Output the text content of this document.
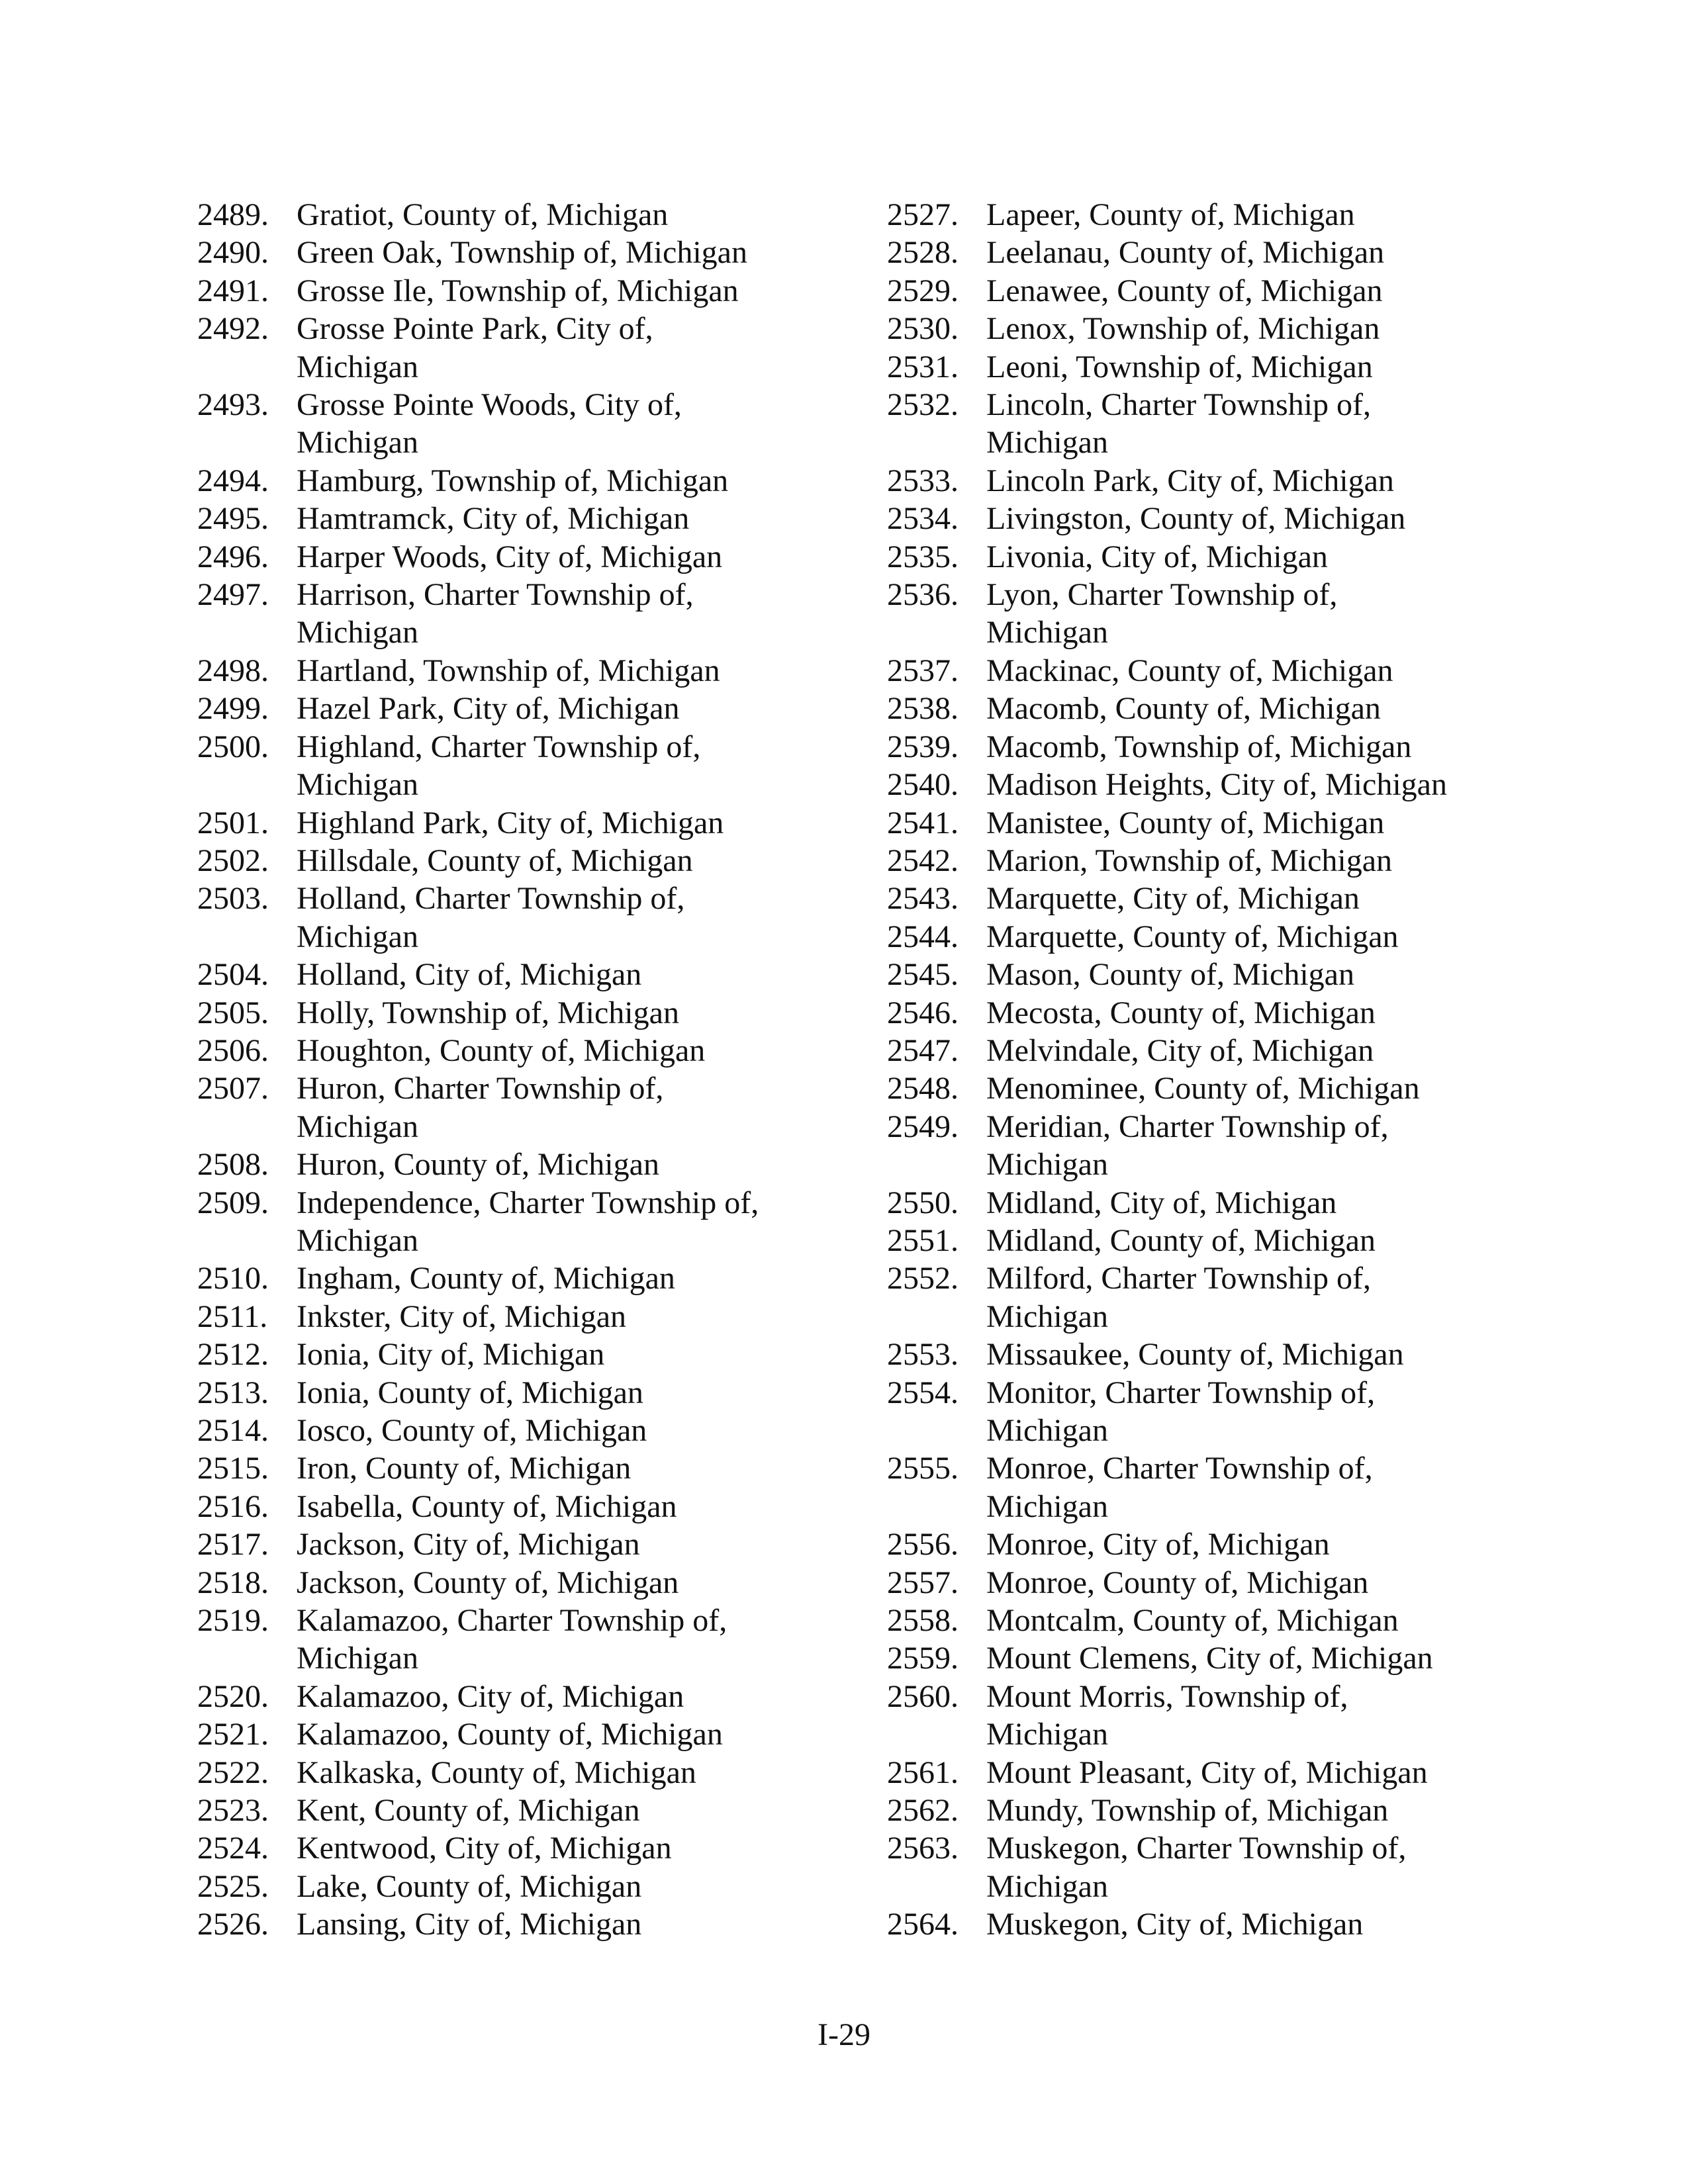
2489. Gratiot, County of, Michigan
2490. Green Oak, Township of, Michigan
2491. Grosse Ile, Township of, Michigan
2492. Grosse Pointe Park, City of,
Michigan
2493. Grosse Pointe Woods, City of,
Michigan
2494. Hamburg, Township of, Michigan
2495. Hamtramck, City of, Michigan
2496. Harper Woods, City of, Michigan
2497. Harrison, Charter Township of,
Michigan
2498. Hartland, Township of, Michigan
2499. Hazel Park, City of, Michigan
2500. Highland, Charter Township of,
Michigan
2501. Highland Park, City of, Michigan
2502. Hillsdale, County of, Michigan
2503. Holland, Charter Township of,
Michigan
2504. Holland, City of, Michigan
2505. Holly, Township of, Michigan
2506. Houghton, County of, Michigan
2507. Huron, Charter Township of,
Michigan
2508. Huron, County of, Michigan
2509. Independence, Charter Township of,
Michigan
2510. Ingham, County of, Michigan
2511. Inkster, City of, Michigan
2512. Ionia, City of, Michigan
2513. Ionia, County of, Michigan
2514. Iosco, County of, Michigan
2515. Iron, County of, Michigan
2516. Isabella, County of, Michigan
2517. Jackson, City of, Michigan
2518. Jackson, County of, Michigan
2519. Kalamazoo, Charter Township of,
Michigan
2520. Kalamazoo, City of, Michigan
2521. Kalamazoo, County of, Michigan
2522. Kalkaska, County of, Michigan
2523. Kent, County of, Michigan
2524. Kentwood, City of, Michigan
2525. Lake, County of, Michigan
2526. Lansing, City of, Michigan
2527. Lapeer, County of, Michigan
2528. Leelanau, County of, Michigan
2529. Lenawee, County of, Michigan
2530. Lenox, Township of, Michigan
2531. Leoni, Township of, Michigan
2532. Lincoln, Charter Township of,
Michigan
2533. Lincoln Park, City of, Michigan
2534. Livingston, County of, Michigan
2535. Livonia, City of, Michigan
2536. Lyon, Charter Township of,
Michigan
2537. Mackinac, County of, Michigan
2538. Macomb, County of, Michigan
2539. Macomb, Township of, Michigan
2540. Madison Heights, City of, Michigan
2541. Manistee, County of, Michigan
2542. Marion, Township of, Michigan
2543. Marquette, City of, Michigan
2544. Marquette, County of, Michigan
2545. Mason, County of, Michigan
2546. Mecosta, County of, Michigan
2547. Melvindale, City of, Michigan
2548. Menominee, County of, Michigan
2549. Meridian, Charter Township of,
Michigan
2550. Midland, City of, Michigan
2551. Midland, County of, Michigan
2552. Milford, Charter Township of,
Michigan
2553. Missaukee, County of, Michigan
2554. Monitor, Charter Township of,
Michigan
2555. Monroe, Charter Township of,
Michigan
2556. Monroe, City of, Michigan
2557. Monroe, County of, Michigan
2558. Montcalm, County of, Michigan
2559. Mount Clemens, City of, Michigan
2560. Mount Morris, Township of,
Michigan
2561. Mount Pleasant, City of, Michigan
2562. Mundy, Township of, Michigan
2563. Muskegon, Charter Township of,
Michigan
2564. Muskegon, City of, Michigan
I-29
